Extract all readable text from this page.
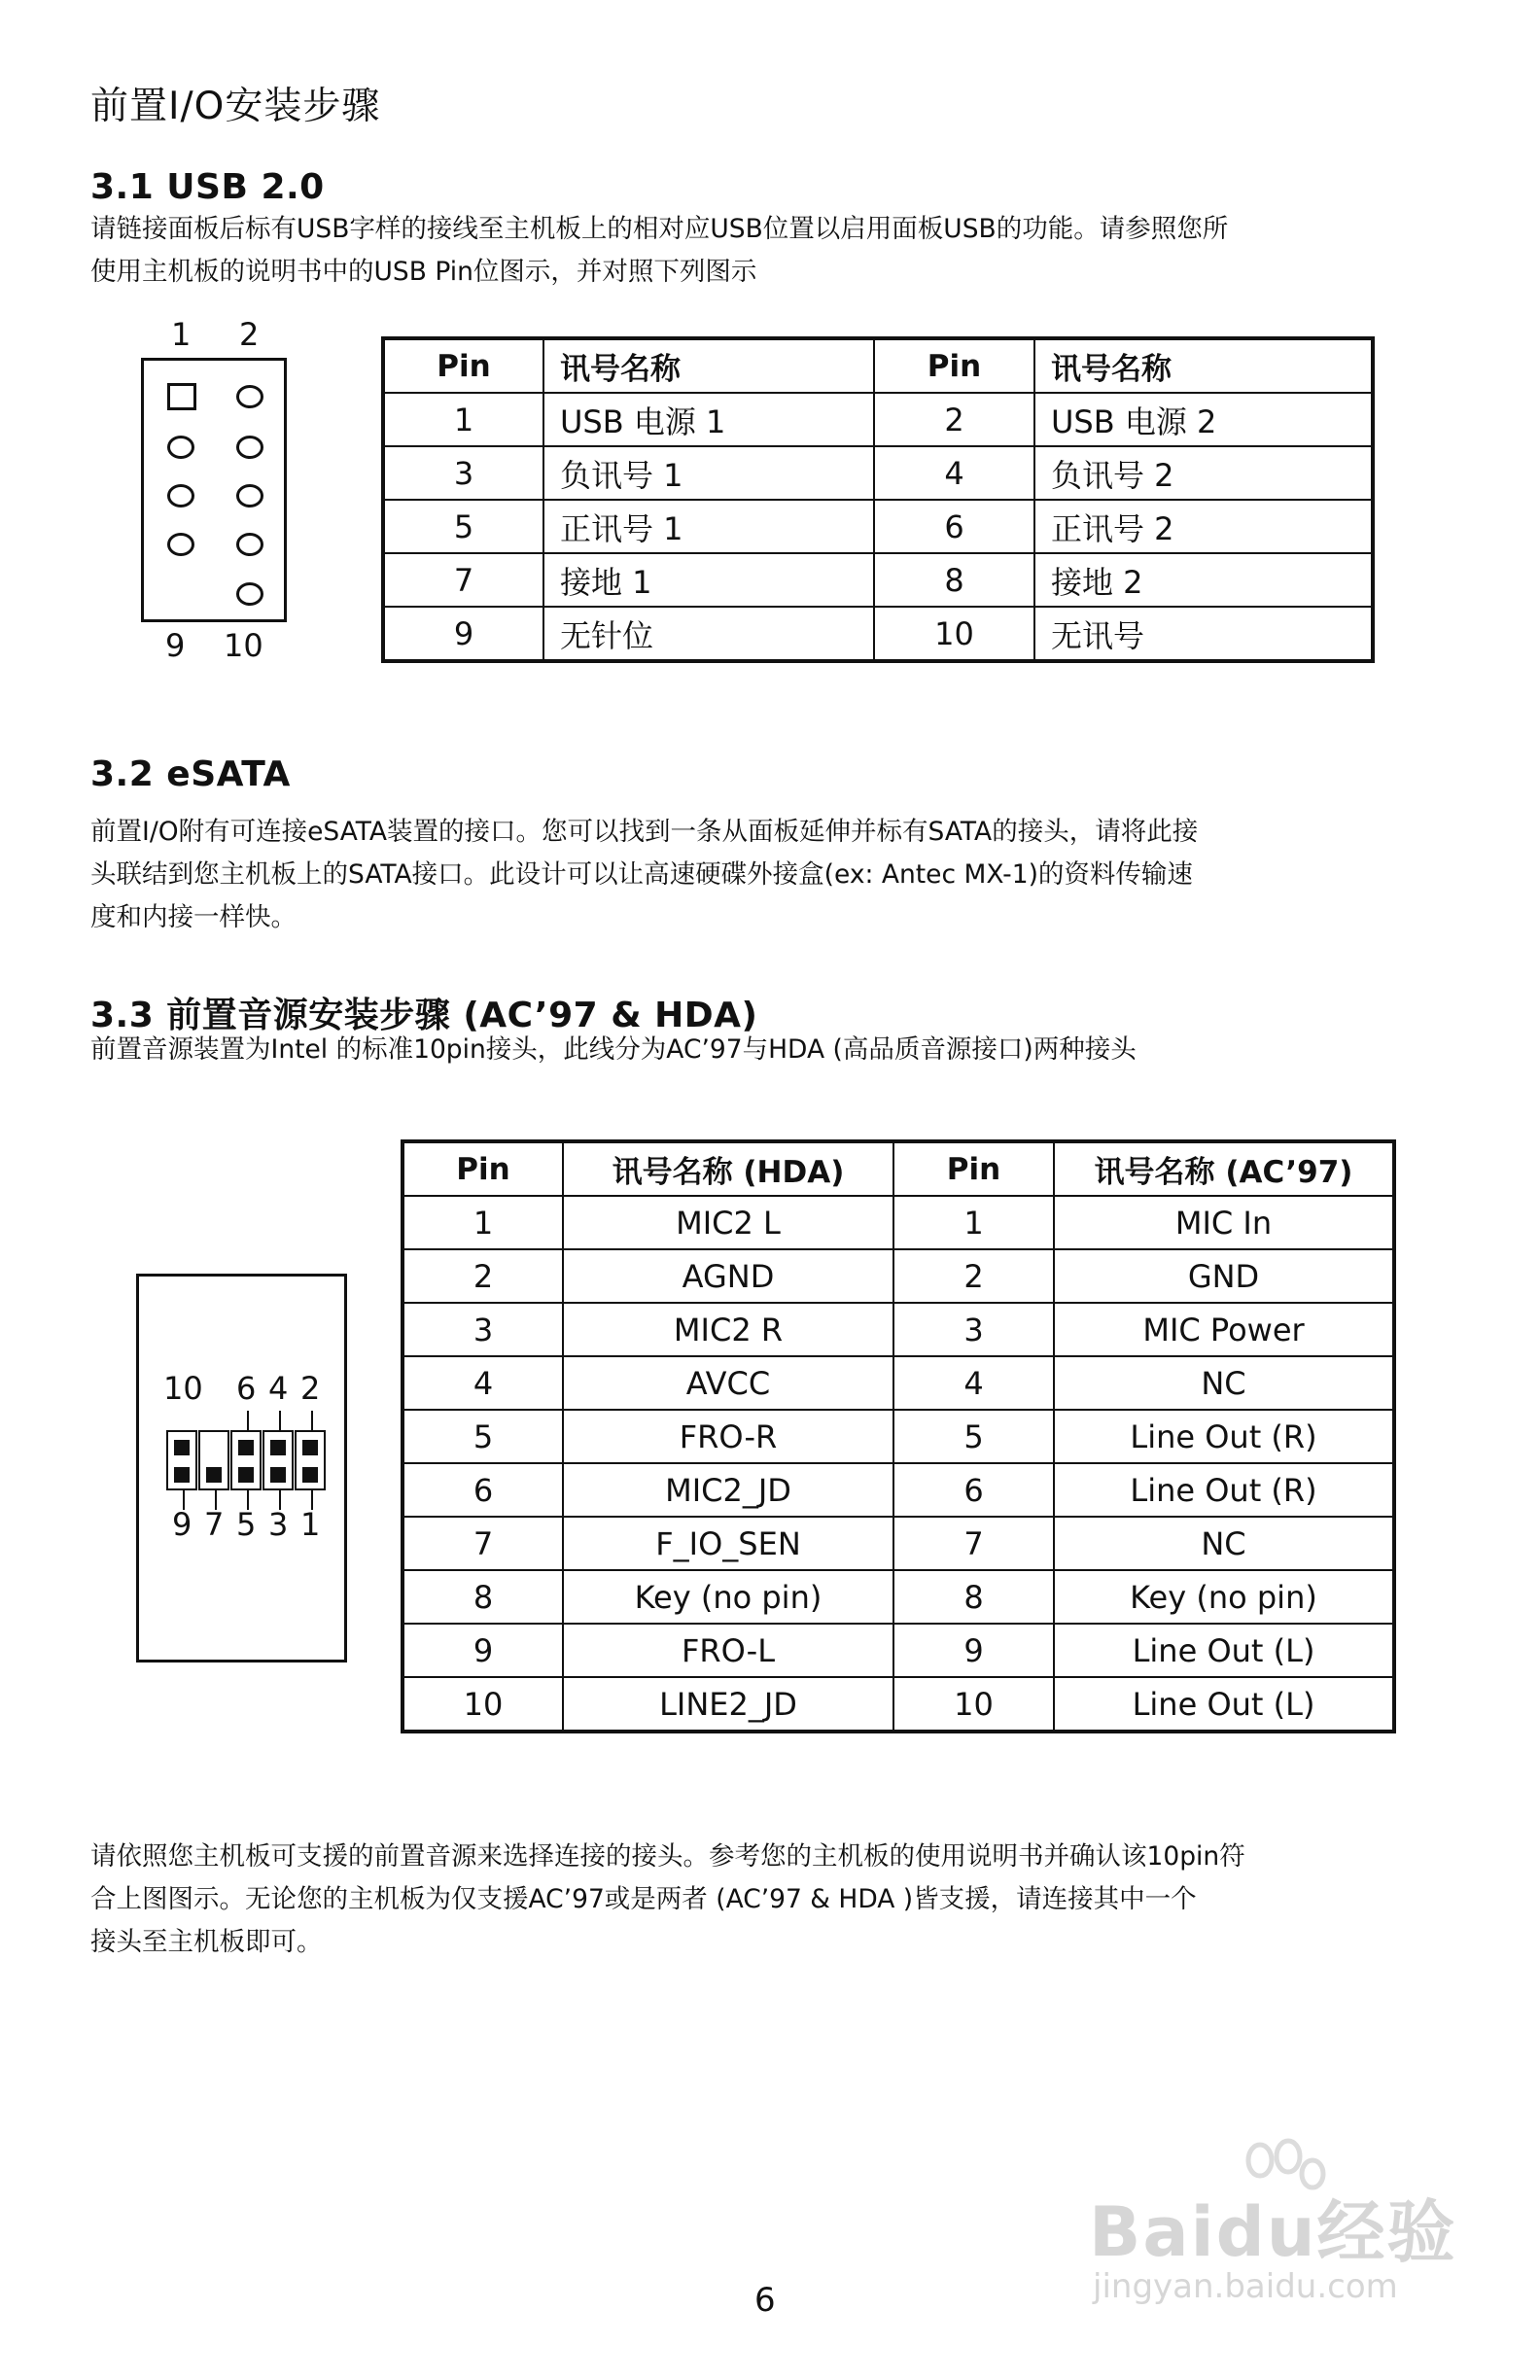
前置I/O安装步骤
3.1 USB 2.0
请链接面板后标有USB字样的接线至主机板上的相对应USB位置以启用面板USB的功能。请参照您所
使用主机板的说明书中的USB Pin位图示，并对照下列图示
1 2
9 10
Pin	讯号名称	Pin	讯号名称
1	USB 电源 1	2	USB 电源 2
3	负讯号 1	4	负讯号 2
5	正讯号 1	6	正讯号 2
7	接地 1	8	接地 2
9	无针位	10	无讯号
3.2 eSATA
前置I/O附有可连接eSATA装置的接口。您可以找到一条从面板延伸并标有SATA的接头，请将此接
头联结到您主机板上的SATA接口。此设计可以让高速硬碟外接盒(ex: Antec MX-1)的资料传输速
度和内接一样快。
3.3 前置音源安装步骤 (AC’97 & HDA)
前置音源装置为Intel 的标准10pin接头，此线分为AC’97与HDA (高品质音源接口)两种接头
10 6 4 2
9 7 5 3 1
Pin	讯号名称 (HDA)	Pin	讯号名称 (AC’97)
1	MIC2 L	1	MIC In
2	AGND	2	GND
3	MIC2 R	3	MIC Power
4	AVCC	4	NC
5	FRO-R	5	Line Out (R)
6	MIC2_JD	6	Line Out (R)
7	F_IO_SEN	7	NC
8	Key (no pin)	8	Key (no pin)
9	FRO-L	9	Line Out (L)
10	LINE2_JD	10	Line Out (L)
请依照您主机板可支援的前置音源来选择连接的接头。参考您的主机板的使用说明书并确认该10pin符
合上图图示。无论您的主机板为仅支援AC’97或是两者 (AC’97 & HDA )皆支援，请连接其中一个
接头至主机板即可。
Baidu经验
jingyan.baidu.com
6
